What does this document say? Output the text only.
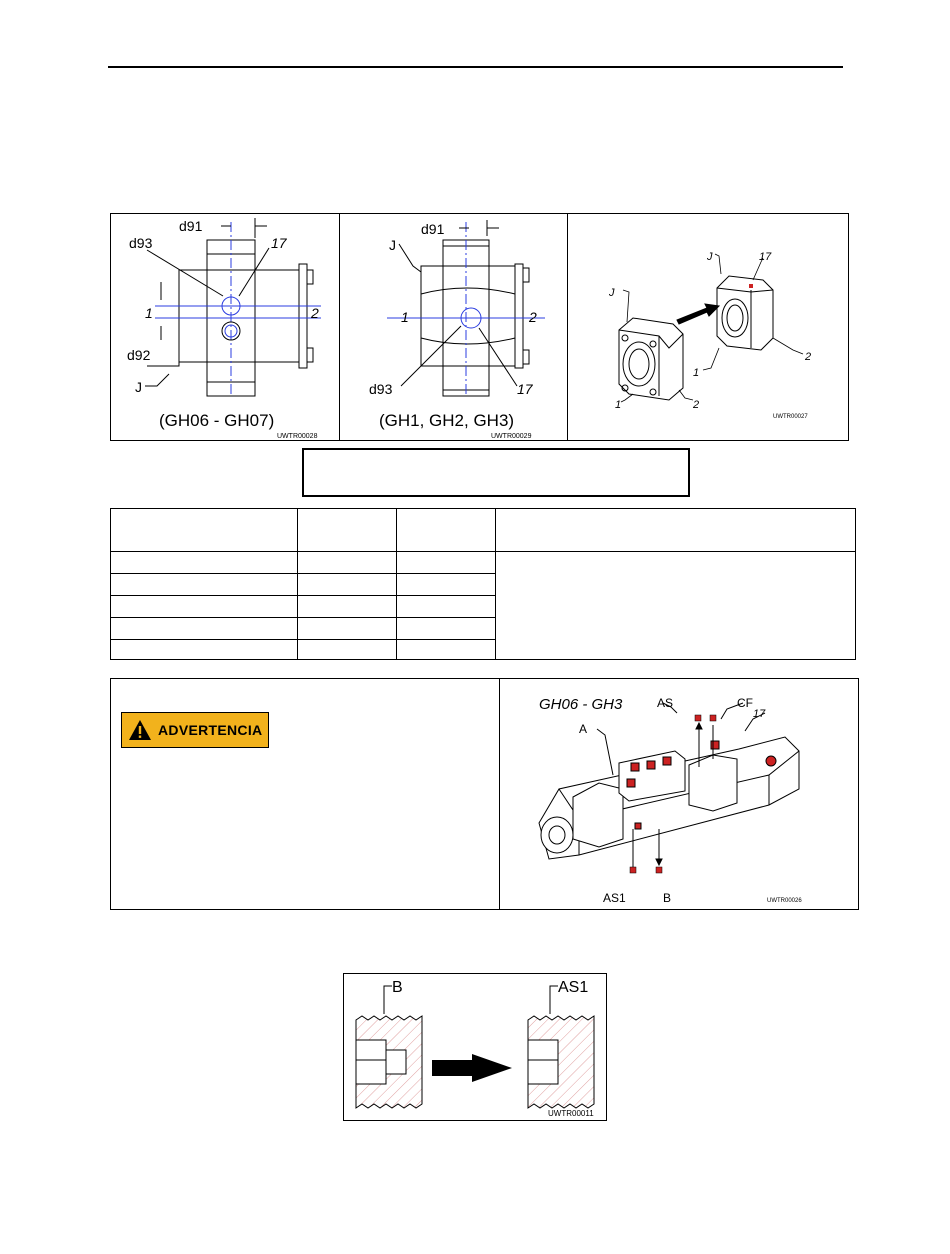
d91
d93	17
1	2
d92
J
(GH06 - GH07)
UWTR00028
d91
J
1	2
d93	17
(GH1, GH2, GH3)
UWTR00029
J
J	17
1	2
1
2
UWTR00027

ADVERTENCIA
GH06 - GH3	AS	CF
17
A
AS1	B	UWTR00026
B	AS1
UWTR00011
